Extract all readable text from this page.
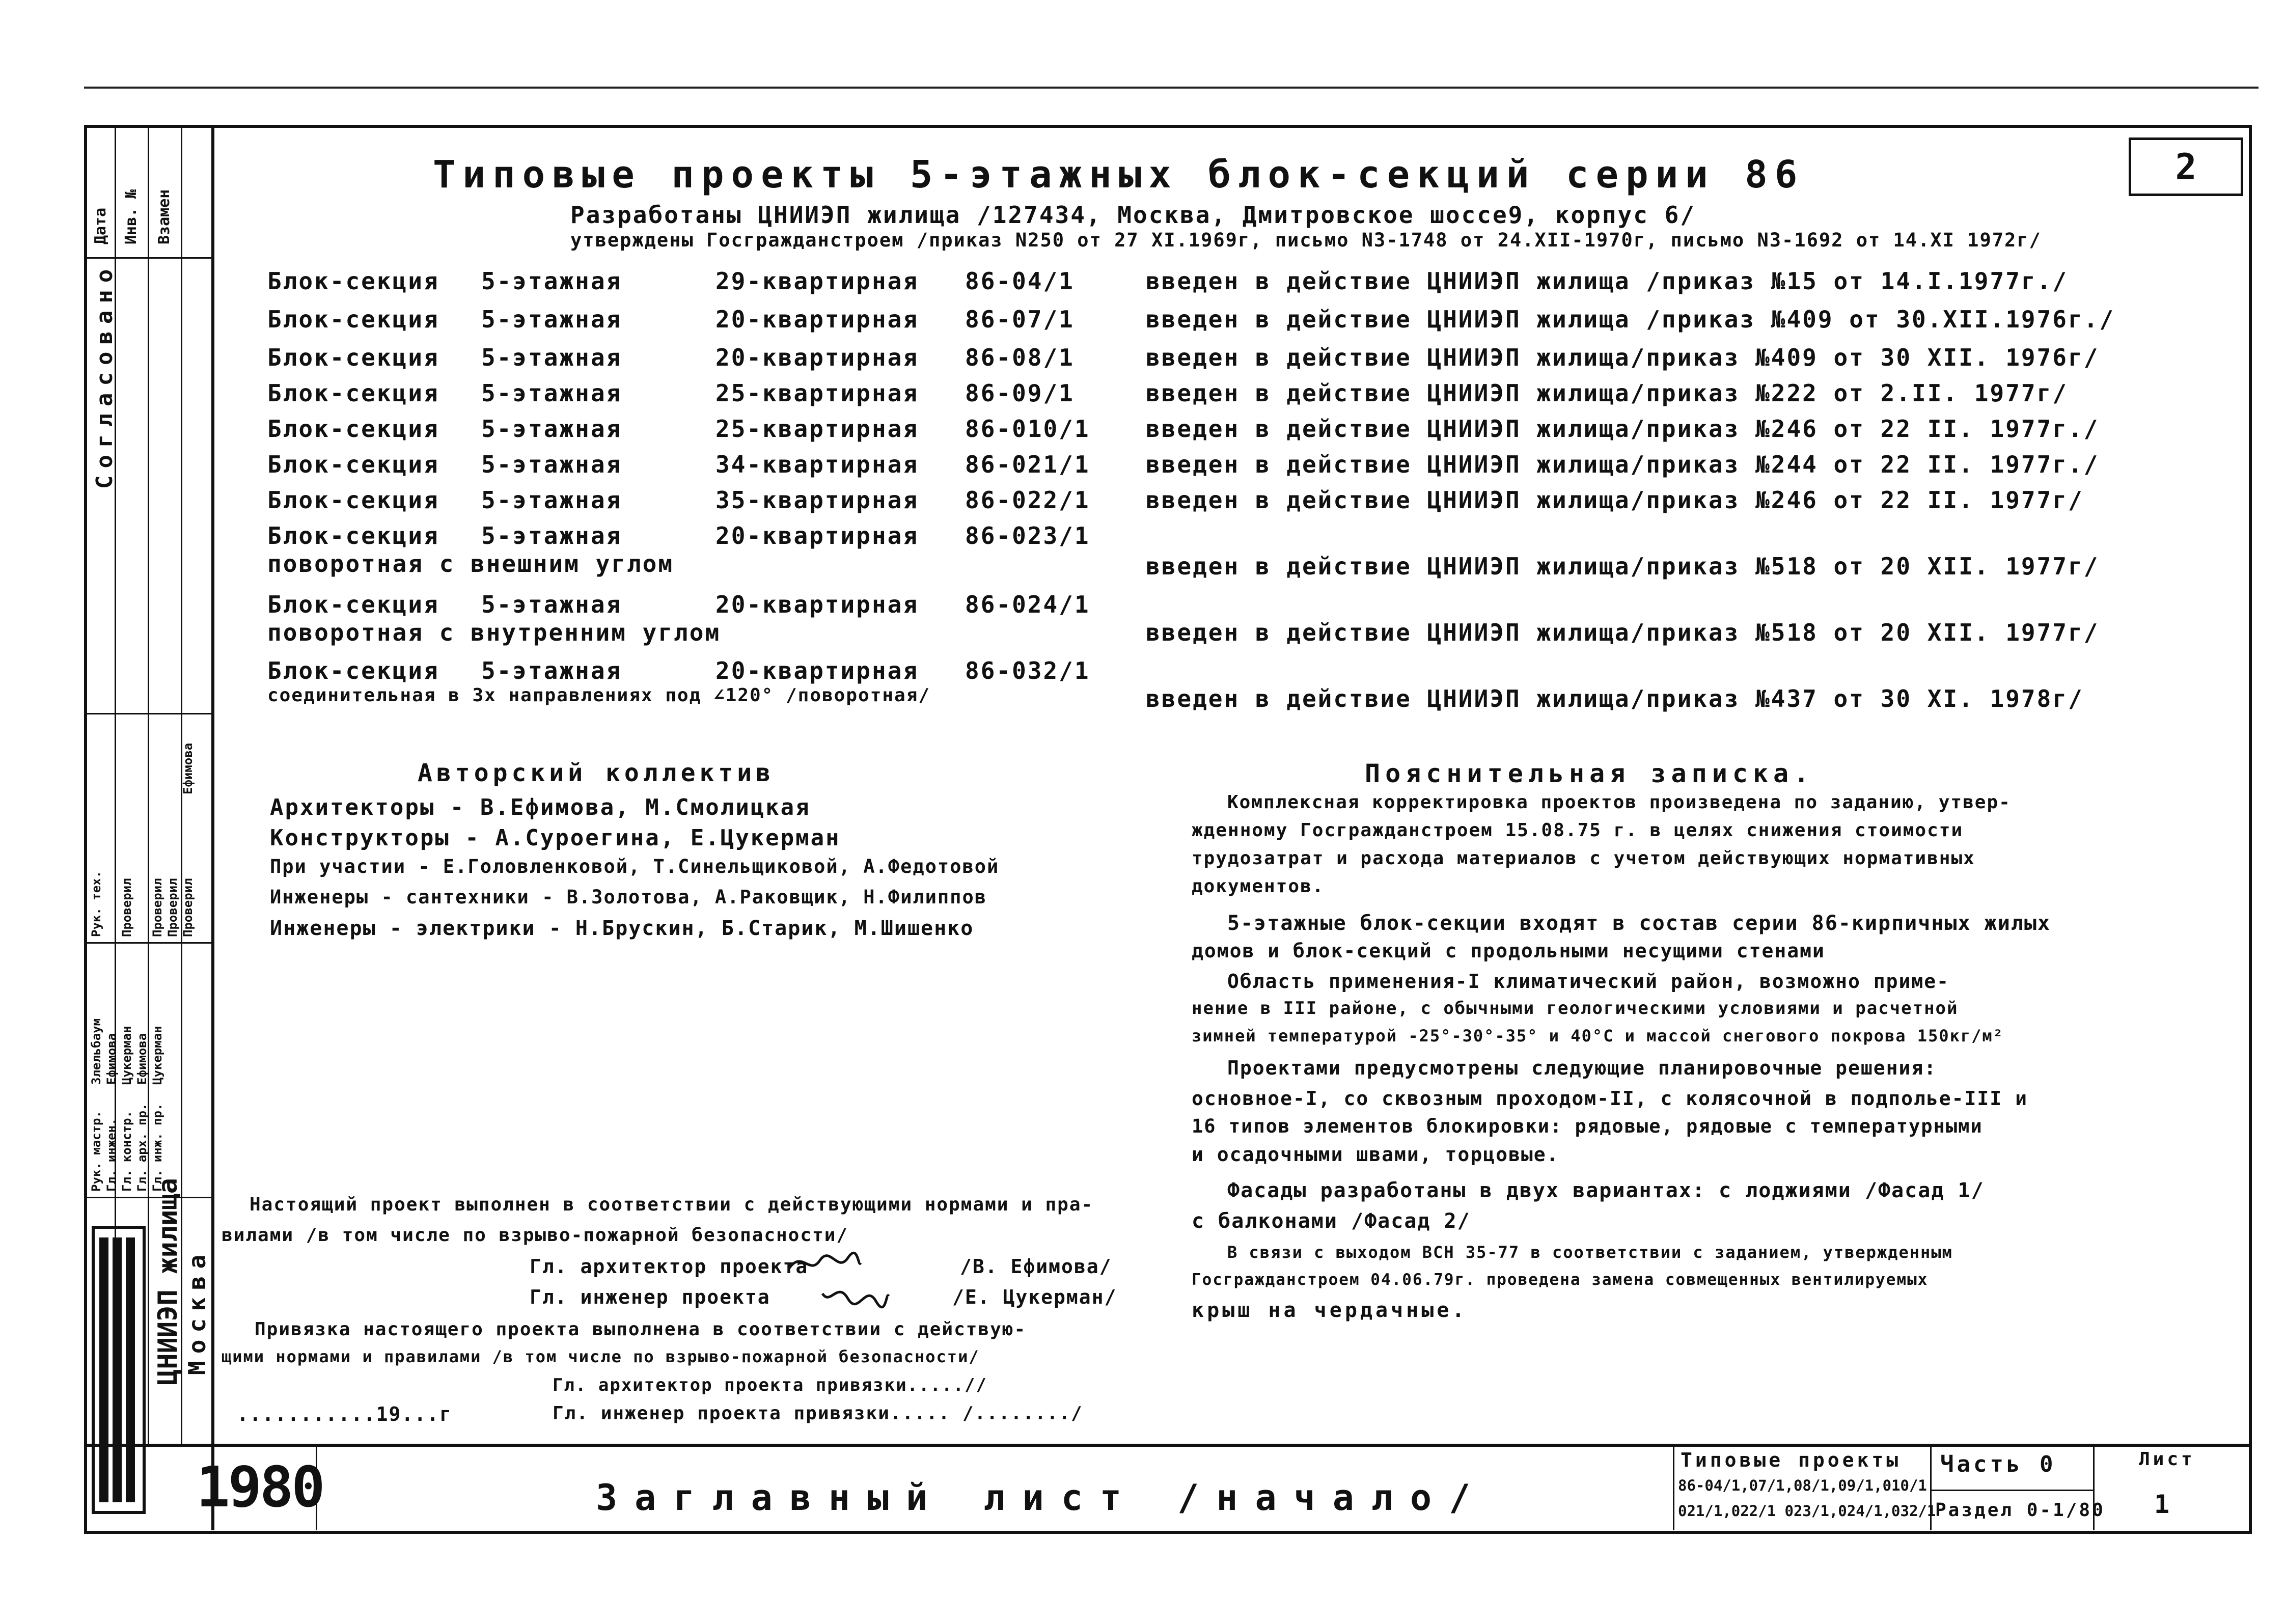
Дата Инв. № Взамен
Согласовано
Рук. мастр. Гл. инжен. Гл. констр. Гл. арх. пр. Гл. инж. пр.
Злельбаум Ефимова Цукерман Ефимова Цукерман
Рук. тех. Проверил Проверил Проверил
Проверил
Ефимова
ЦНИИЭП жилища Москва
2
Типовые проекты 5-этажных блок-секций серии 86
Разработаны ЦНИИЭП жилища /127434, Москва, Дмитровское шоссе9, корпус 6/
утверждены Госгражданстроем /приказ N250 от 27 XI.1969г, письмо N3-1748 от 24.XII-1970г, письмо N3-1692 от 14.XI 1972г/
Блок-секция 5-этажная	29-квартирная 86-04/1	введен в действие ЦНИИЭП жилища /приказ №15 от 14.I.1977г./
Блок-секция 5-этажная	20-квартирная 86-07/1	введен в действие ЦНИИЭП жилища /приказ №409 от 30.XII.1976г./
Блок-секция 5-этажная	20-квартирная 86-08/1	введен в действие ЦНИИЭП жилища/приказ №409 от 30 XII. 1976г/
Блок-секция 5-этажная	25-квартирная 86-09/1	введен в действие ЦНИИЭП жилища/приказ №222 от 2.II. 1977г/
Блок-секция 5-этажная	25-квартирная 86-010/1 введен в действие ЦНИИЭП жилища/приказ №246 от 22 II. 1977г./
Блок-секция 5-этажная	34-квартирная 86-021/1 введен в действие ЦНИИЭП жилища/приказ №244 от 22 II. 1977г./
Блок-секция 5-этажная	35-квартирная 86-022/1 введен в действие ЦНИИЭП жилища/приказ №246 от 22 II. 1977г/
Блок-секция 5-этажная	20-квартирная 86-023/1
поворотная с внешним углом	введен в действие ЦНИИЭП жилища/приказ №518 от 20 XII. 1977г/
Блок-секция 5-этажная	20-квартирная 86-024/1
поворотная с внутренним углом	введен в действие ЦНИИЭП жилища/приказ №518 от 20 XII. 1977г/
Блок-секция 5-этажная	20-квартирная 86-032/1
соединительная в 3х направлениях под ∠120° /поворотная/	введен в действие ЦНИИЭП жилища/приказ №437 от 30 XI. 1978г/
Авторский коллектив
Архитекторы - В.Ефимова, М.Смолицкая
Конструкторы - А.Суроегина, Е.Цукерман
При участии - Е.Головленковой, Т.Синельщиковой, А.Федотовой
Инженеры - сантехники - В.Золотова, А.Раковщик, Н.Филиппов
Инженеры - электрики - Н.Брускин, Б.Старик, М.Шишенко
Пояснительная записка.
Комплексная корректировка проектов произведена по заданию, утвер-
жденному Госгражданстроем 15.08.75 г. в целях снижения стоимости
трудозатрат и расхода материалов с учетом действующих нормативных
документов.
5-этажные блок-секции входят в состав серии 86-кирпичных жилых
домов и блок-секций с продольными несущими стенами
Область применения-I климатический район, возможно приме-
нение в III районе, с обычными геологическими условиями и расчетной
зимней температурой -25°-30°-35° и 40°С и массой снегового покрова 150кг/м²
Проектами предусмотрены следующие планировочные решения:
основное-I, со сквозным проходом-II, с колясочной в подполье-III и
16 типов элементов блокировки: рядовые, рядовые с температурными
и осадочными швами, торцовые.
Фасады разработаны в двух вариантах: с лоджиями /Фасад 1/
с балконами /Фасад 2/
В связи с выходом ВСН 35-77 в соответствии с заданием, утвержденным
Госгражданстроем 04.06.79г. проведена замена совмещенных вентилируемых
крыш на чердачные.
Настоящий проект выполнен в соответствии с действующими нормами и пра-
вилами /в том числе по взрыво-пожарной безопасности/
Гл. архитектор проекта	/В. Ефимова/
Гл. инженер проекта	/Е. Цукерман/
Привязка настоящего проекта выполнена в соответствии с действую-
щими нормами и правилами /в том числе по взрыво-пожарной безопасности/
Гл. архитектор проекта привязки.....//
Гл. инженер проекта привязки..... /......../
...........19...г
1980	Заглавный лист /начало/
Типовые проекты
86-04/1,07/1,08/1,09/1,010/1
021/1,022/1 023/1,024/1,032/1
Часть 0
Раздел 0-1/80
Лист
1
